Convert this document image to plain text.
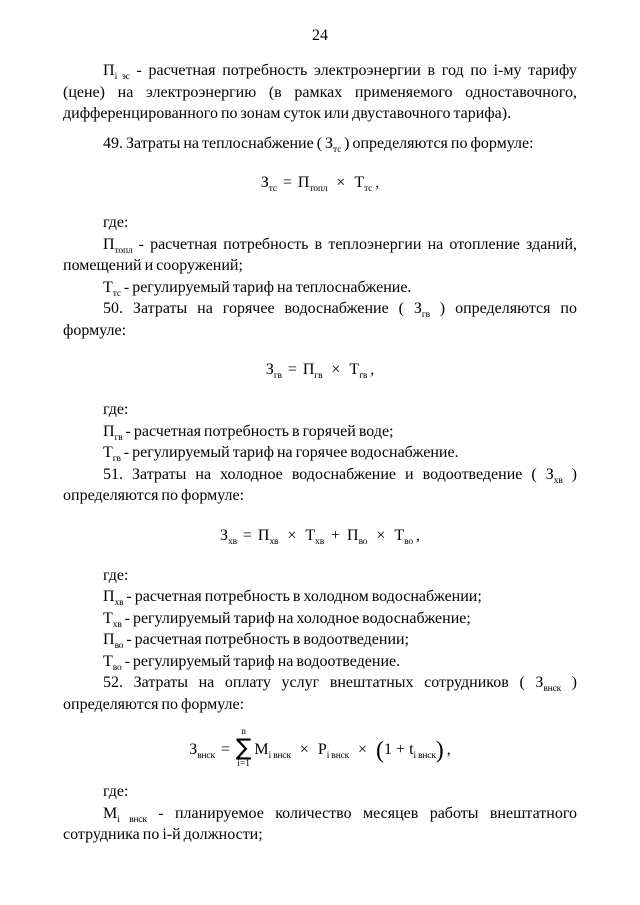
24

$П_{i эс}$ - расчетная потребность электроэнергии в год по i-му тарифу (цене) на электроэнергию (в рамках применяемого одноставочного, дифференцированного по зонам суток или двуставочного тарифа).

49. Затраты на теплоснабжение ( $З_{тс}$ ) определяются по формуле:

$З_{тс} = П_{топл} \times Т_{тс}$ ,

где:

$П_{топл}$ - расчетная потребность в теплоэнергии на отопление зданий, помещений и сооружений;

$Т_{тс}$ - регулируемый тариф на теплоснабжение.

50. Затраты на горячее водоснабжение ( $З_{гв}$ ) определяются по формуле:

$З_{гв} = П_{гв} \times Т_{гв}$ ,

где:

$П_{гв}$ - расчетная потребность в горячей воде;

$Т_{гв}$ - регулируемый тариф на горячее водоснабжение.

51. Затраты на холодное водоснабжение и водоотведение ( $З_{хв}$ ) определяются по формуле:

$З_{хв} = П_{хв} \times Т_{хв} + П_{во} \times Т_{во}$ ,

где:

$П_{хв}$ - расчетная потребность в холодном водоснабжении;

$Т_{хв}$ - регулируемый тариф на холодное водоснабжение;

$П_{во}$ - расчетная потребность в водоотведении;

$Т_{во}$ - регулируемый тариф на водоотведение.

52. Затраты на оплату услуг внештатных сотрудников ( $З_{внск}$ ) определяются по формуле:

$З_{внск}$ =
n
∑
i=1
$М_{i внск} \times Р_{i внск} \times (1 + t_{i внск})$ ,

где:

$М_{i внск}$ - планируемое количество месяцев работы внештатного сотрудника по i-й должности;
